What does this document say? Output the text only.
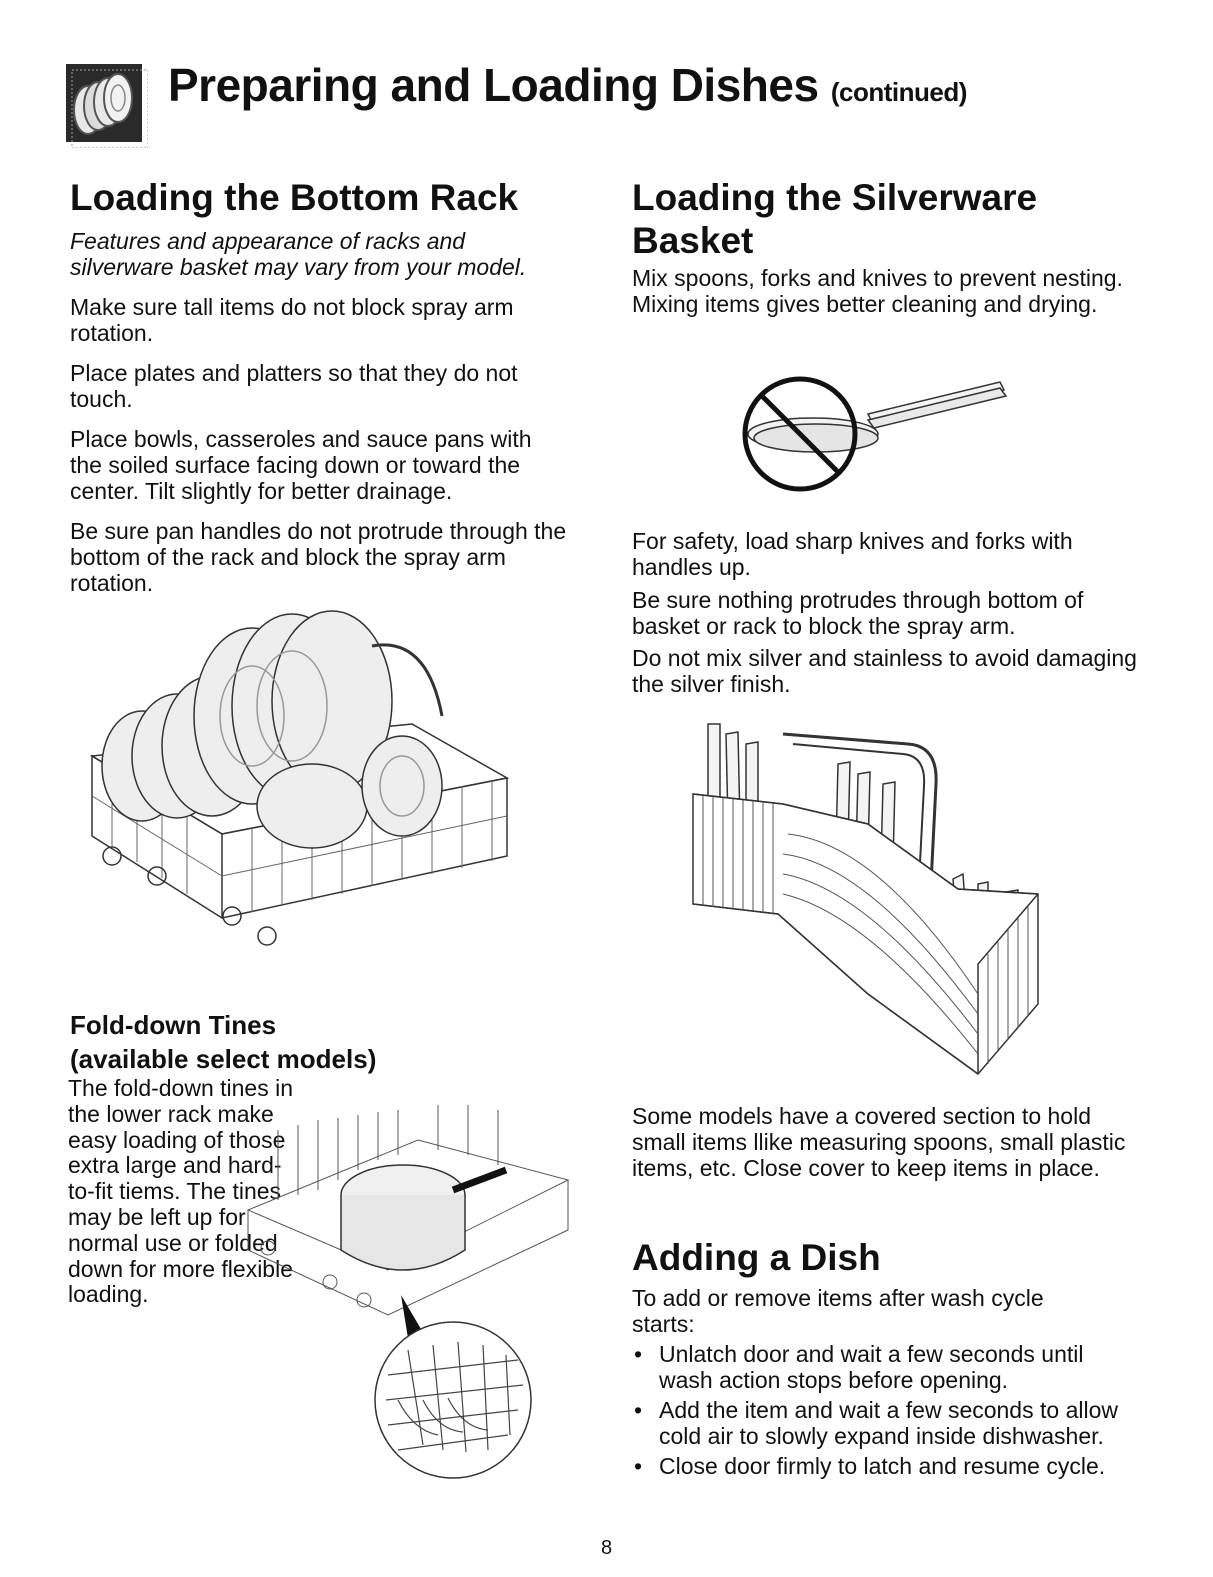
Preparing and Loading Dishes (continued)
Loading the Bottom Rack

Features and appearance of racks and silverware basket may vary from your model.

Make sure tall items do not block spray arm rotation.

Place plates and platters so that they do not touch.

Place bowls, casseroles and sauce pans with the soiled surface facing down or toward the center. Tilt slightly for better drainage.

Be sure pan handles do not protrude through the bottom of the rack and block the spray arm rotation.

Fold-down Tines
(available select models)

The fold-down tines in the lower rack make easy loading of those extra large and hard-to-fit tiems. The tines may be left up for normal use or folded down for more flexible loading.

Loading the Silverware
Basket

Mix spoons, forks and knives to prevent nesting. Mixing items gives better cleaning and drying.

For safety, load sharp knives and forks with handles up.

Be sure nothing protrudes through bottom of basket or rack to block the spray arm.

Do not mix silver and stainless to avoid damaging the silver finish.

Some models have a covered section to hold small items llike measuring spoons, small plastic items, etc. Close cover to keep items in place.

Adding a Dish

To add or remove items after wash cycle starts:

• Unlatch door and wait a few seconds until wash action stops before opening.
• Add the item and wait a few seconds to allow cold air to slowly expand inside dishwasher.
• Close door firmly to latch and resume cycle.
8
